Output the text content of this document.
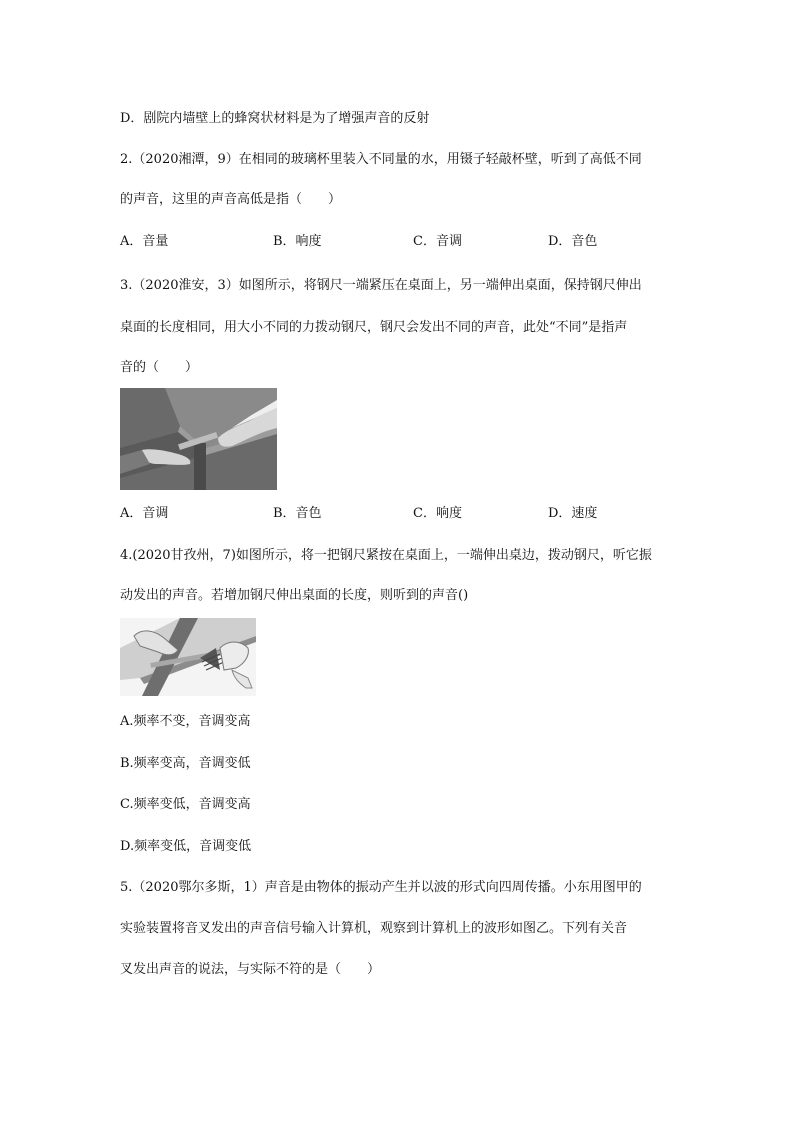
D．剧院内墙壁上的蜂窝状材料是为了增强声音的反射
2.（2020湘潭，9）在相同的玻璃杯里装入不同量的水，用镊子轻敲杯壁，听到了高低不同
的声音，这里的声音高低是指（　　）
A．音量	B．响度	C．音调	D．音色
3.（2020淮安，3）如图所示，将钢尺一端紧压在桌面上，另一端伸出桌面，保持钢尺伸出
桌面的长度相同，用大小不同的力拨动钢尺，钢尺会发出不同的声音，此处“不同”是指声
音的（　　）
A．音调	B．音色	C．响度	D．速度
4.(2020甘孜州，7)如图所示，将一把钢尺紧按在桌面上，一端伸出桌边，拨动钢尺，听它振
动发出的声音。若增加钢尺伸出桌面的长度，则听到的声音()
A.频率不变，音调变高
B.频率变高，音调变低
C.频率变低，音调变高
D.频率变低，音调变低
5.（2020鄂尔多斯，1）声音是由物体的振动产生并以波的形式向四周传播。小东用图甲的
实验装置将音叉发出的声音信号输入计算机，观察到计算机上的波形如图乙。下列有关音
叉发出声音的说法，与实际不符的是（　　）
